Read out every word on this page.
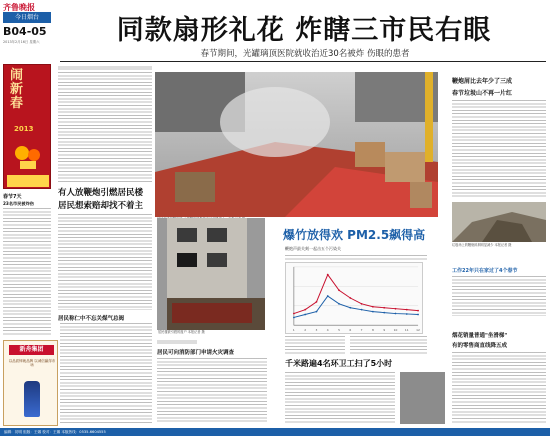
齐鲁晚报
今日烟台
B04-05
2013年2月16日 星期六	同款扇形礼花 炸瞎三市民右眼
春节期间，光罐璃顶医院就收治近30名被炸 伤眼的患者
闹
新
春
2013
春节7天
23名市民被炸伤
有人放鞭炮引燃居民楼
居民想索赔却找不着主
居民称仁中不忘关煤气总阀
居民楼被引燃的窗户 本报记者 摄
居民可向消防部门申请火灾调查
爆竹放得欢 PM2.5飙得高
鞭炮声最关刻一起击五个污染关
1	2	3	4	5	6	7	8	9	10	11	12
千米路遍4名环卫工扫了5小时
鞭炮屑比去年少了三成
春节垃圾山不再一片红
垃圾场上的鞭炮碎屑明显减少 本报记者 摄
工作22年只在家过了4个春节
烟花销量普通"坐滑梯"
有的零售商直线降五成
新舟集团
以品质铸就品牌 以诚信赢得市场
编辑：初明 组版：王娜 校对：王娜 本版热线：0535-6604555
